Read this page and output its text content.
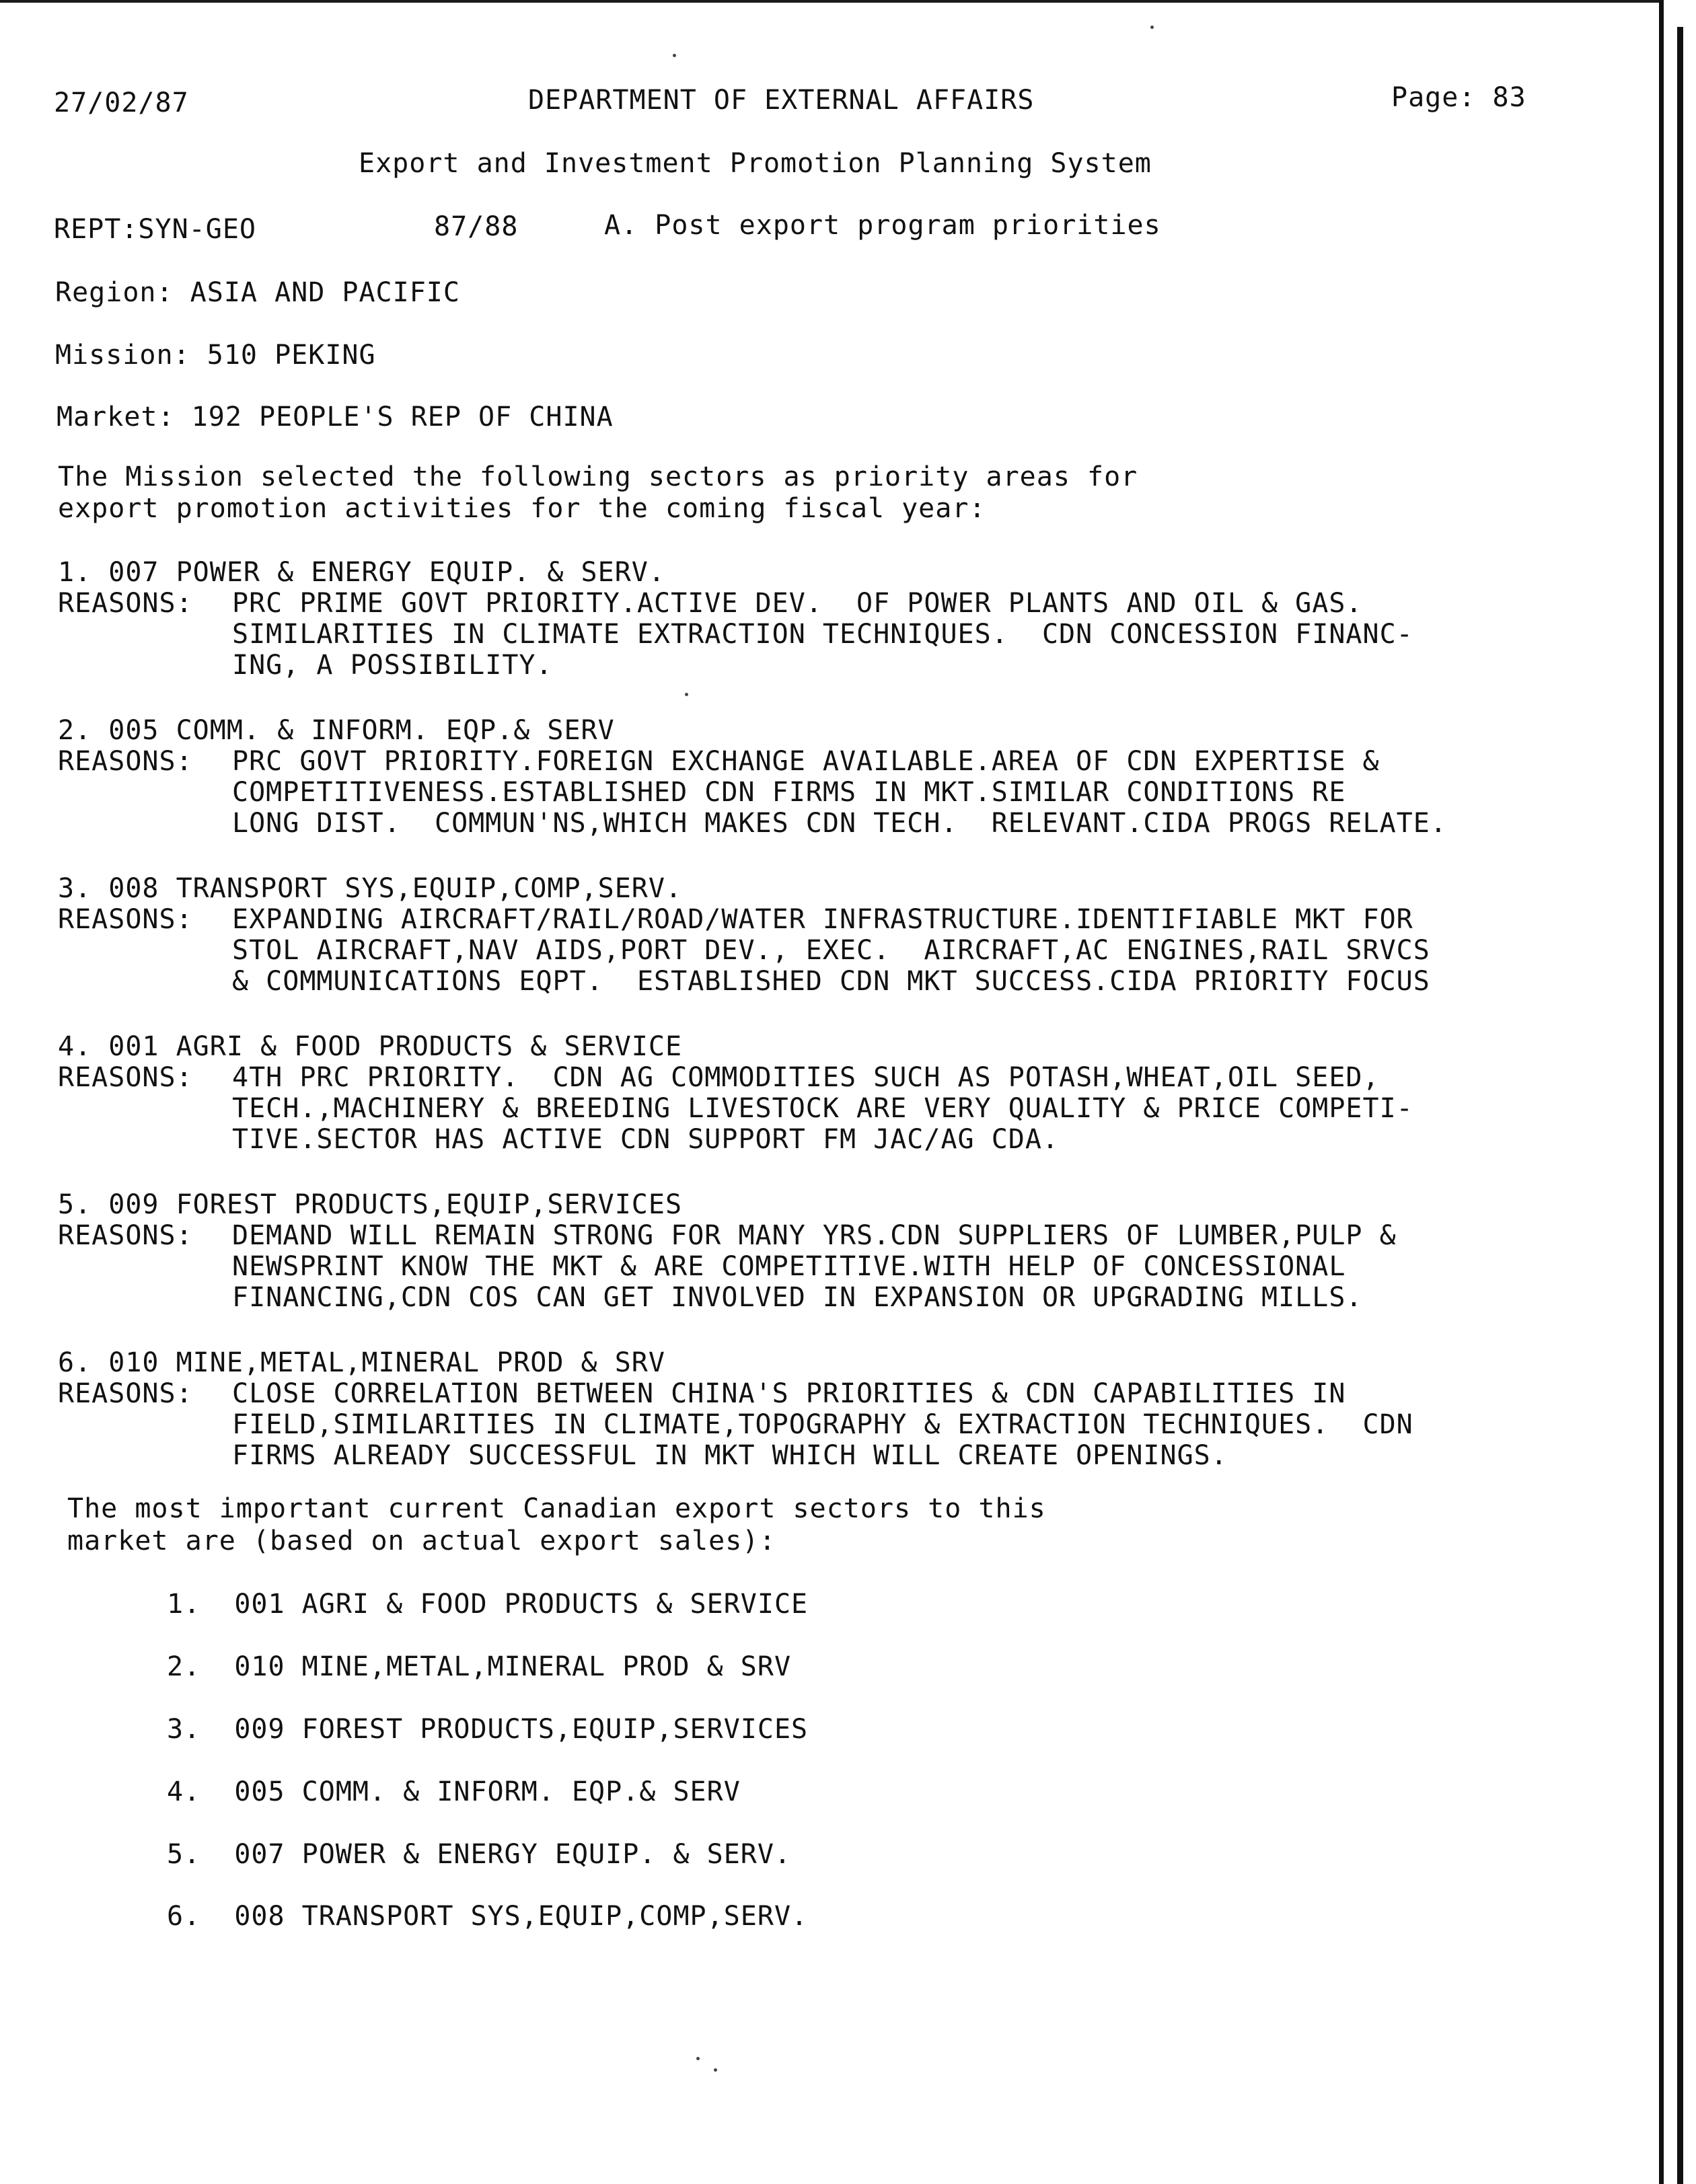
27/02/87	DEPARTMENT OF EXTERNAL AFFAIRS	Page: 83
Export and Investment Promotion Planning System
REPT:SYN-GEO	87/88	A. Post export program priorities
Region: ASIA AND PACIFIC
Mission: 510 PEKING
Market: 192 PEOPLE'S REP OF CHINA
The Mission selected the following sectors as priority areas for
export promotion activities for the coming fiscal year:
1. 007 POWER & ENERGY EQUIP. & SERV.
REASONS: PRC PRIME GOVT PRIORITY.ACTIVE DEV.  OF POWER PLANTS AND OIL & GAS.
SIMILARITIES IN CLIMATE EXTRACTION TECHNIQUES.  CDN CONCESSION FINANC-
ING, A POSSIBILITY.
2. 005 COMM. & INFORM. EQP.& SERV
REASONS: PRC GOVT PRIORITY.FOREIGN EXCHANGE AVAILABLE.AREA OF CDN EXPERTISE &
COMPETITIVENESS.ESTABLISHED CDN FIRMS IN MKT.SIMILAR CONDITIONS RE
LONG DIST.  COMMUN'NS,WHICH MAKES CDN TECH.  RELEVANT.CIDA PROGS RELATE.
3. 008 TRANSPORT SYS,EQUIP,COMP,SERV.
REASONS: EXPANDING AIRCRAFT/RAIL/ROAD/WATER INFRASTRUCTURE.IDENTIFIABLE MKT FOR
STOL AIRCRAFT,NAV AIDS,PORT DEV., EXEC.  AIRCRAFT,AC ENGINES,RAIL SRVCS
& COMMUNICATIONS EQPT.  ESTABLISHED CDN MKT SUCCESS.CIDA PRIORITY FOCUS
4. 001 AGRI & FOOD PRODUCTS & SERVICE
REASONS: 4TH PRC PRIORITY.  CDN AG COMMODITIES SUCH AS POTASH,WHEAT,OIL SEED,
TECH.,MACHINERY & BREEDING LIVESTOCK ARE VERY QUALITY & PRICE COMPETI-
TIVE.SECTOR HAS ACTIVE CDN SUPPORT FM JAC/AG CDA.
5. 009 FOREST PRODUCTS,EQUIP,SERVICES
REASONS: DEMAND WILL REMAIN STRONG FOR MANY YRS.CDN SUPPLIERS OF LUMBER,PULP &
NEWSPRINT KNOW THE MKT & ARE COMPETITIVE.WITH HELP OF CONCESSIONAL
FINANCING,CDN COS CAN GET INVOLVED IN EXPANSION OR UPGRADING MILLS.
6. 010 MINE,METAL,MINERAL PROD & SRV
REASONS: CLOSE CORRELATION BETWEEN CHINA'S PRIORITIES & CDN CAPABILITIES IN
FIELD,SIMILARITIES IN CLIMATE,TOPOGRAPHY & EXTRACTION TECHNIQUES.  CDN
FIRMS ALREADY SUCCESSFUL IN MKT WHICH WILL CREATE OPENINGS.
The most important current Canadian export sectors to this
market are (based on actual export sales):
1.  001 AGRI & FOOD PRODUCTS & SERVICE
2.  010 MINE,METAL,MINERAL PROD & SRV
3.  009 FOREST PRODUCTS,EQUIP,SERVICES
4.  005 COMM. & INFORM. EQP.& SERV
5.  007 POWER & ENERGY EQUIP. & SERV.
6.  008 TRANSPORT SYS,EQUIP,COMP,SERV.
